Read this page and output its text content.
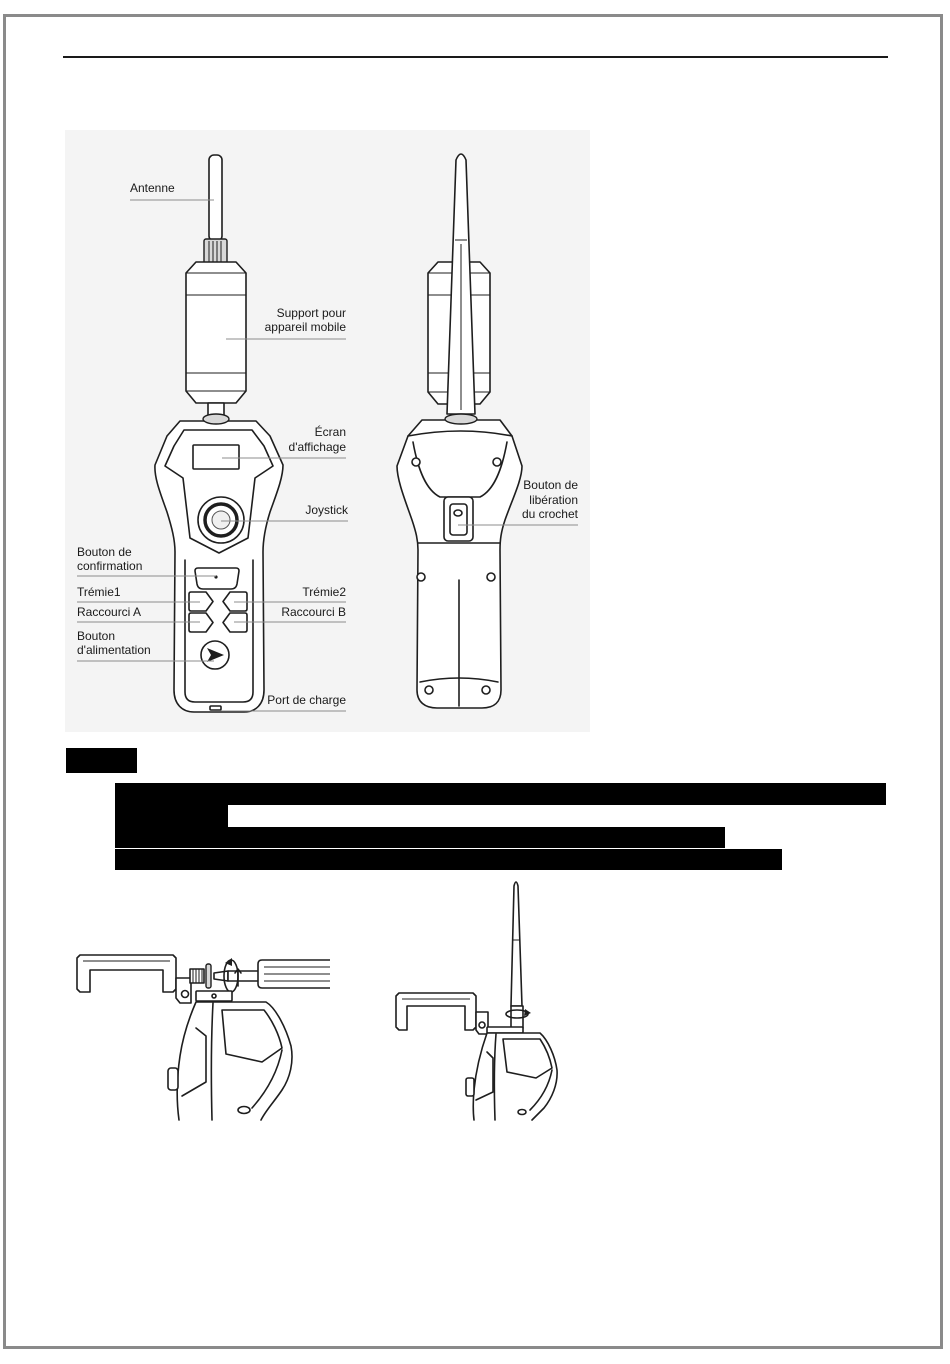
Antenne
Support pour
appareil mobile
Écran
d'affichage
Joystick
Bouton de
confirmation
Trémie1	Trémie2
Raccourci A	Raccourci B
Bouton
d'alimentation
Port de charge
Bouton de
libération
du crochet
